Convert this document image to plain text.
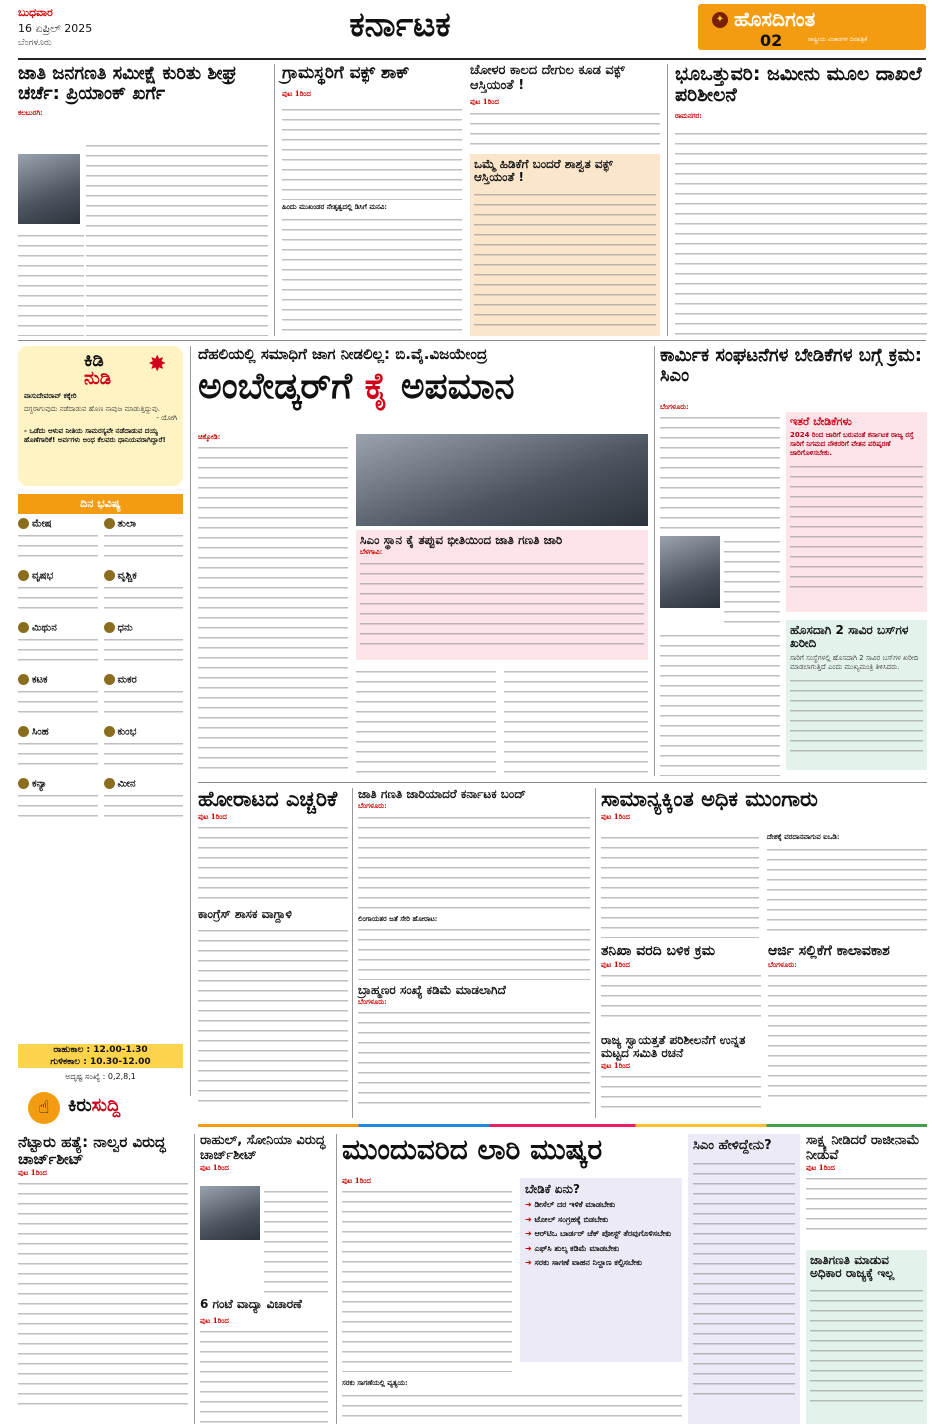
ಬುಧವಾರ
16 ಏಪ್ರಿಲ್ 2025
ಬೆಂಗಳೂರು	ಕರ್ನಾಟಕ	✦ ಹೊಸದಿಗಂತ
ರಾಷ್ಟ್ರೀಯ ವಿಚಾರಗಳ ದಿನಪತ್ರಿಕೆ
02
ಜಾತಿ ಜನಗಣತಿ ಸಮೀಕ್ಷೆ ಕುರಿತು ಶೀಘ್ರ ಚರ್ಚೆ: ಪ್ರಿಯಾಂಕ್ ಖರ್ಗೆ
ಕಲಬುರಗಿ:
ಗ್ರಾಮಸ್ಥರಿಗೆ ವಕ್ಫ್ ಶಾಕ್
ಪುಟ 1ರಿಂದ
ಹಿಂದು ಮುಖಂಡರ ನೇತೃತ್ವದಲ್ಲಿ ಡಿಸಿಗೆ ಮನವಿ:
ಚೋಳರ ಕಾಲದ ದೇಗುಲ ಕೂಡ ವಕ್ಫ್ ಆಸ್ತಿಯಂತೆ !
ಪುಟ 1ರಿಂದ
ಒಮ್ಮೆ ಹಿಡಿಕೆಗೆ ಬಂದರೆ ಶಾಶ್ವತ ವಕ್ಫ್ ಆಸ್ತಿಯಂತೆ !
ಭೂಒತ್ತುವರಿ: ಜಮೀನು ಮೂಲ ದಾಖಲೆ ಪರಿಶೀಲನೆ
ರಾಮನಗರ:
ಕಿಡಿ
ನುಡಿ
✸
ವಾಸುದೇವರಾವ್ ಕಕ್ಕೇರಿ
ದಗ್ಧರಾಗುವುದು ನಡೆದಾಡುವ ಹೊಣ ನಾವುಜ ಮಾಡುತ್ತಿದ್ದುವು.
- ಯೋಗಿ
- ಒಡೆದು ಆಳುವ ನೀತಿಯ ಸಾಮರಸ್ಯವೇ ನಡೆದಾಡುವ ದಯ್ಯ ಹೊಣೆಗಾರಿಕೆ! ಅರ್ವಗಳು ಅಂಧ ಕೆಲವರು ಧಾನಿಯವರಾಗಿದ್ದಾರೆ!
ದಿನ ಭವಿಷ್ಯ
ಮೇಷ	ತುಲಾ
ವೃಷಭ	ವೃಶ್ಚಿಕ
ಮಿಥುನ	ಧನು
ಕಟಕ	ಮಕರ
ಸಿಂಹ	ಕುಂಭ
ಕನ್ಯಾ	ಮೀನ
ರಾಹುಕಾಲ : 12.00-1.30
ಗುಳಿಕಕಾಲ : 10.30-12.00
ಅದೃಷ್ಟ ಸಂಖ್ಯೆ : 0,2,8,1
☝	ಕಿರುಸುದ್ದಿ
ದೆಹಲಿಯಲ್ಲಿ ಸಮಾಧಿಗೆ ಜಾಗ ನೀಡಲಿಲ್ಲ: ಬಿ.ವೈ.ವಿಜಯೇಂದ್ರ
ಅಂಬೇಡ್ಕರ್‌ಗೆ ಕೈ ಅಪಮಾನ
ಚಿಕ್ಕೋಡಿ:
ಸಿಎಂ ಸ್ಥಾನ ಕೈ ತಪ್ಪುವ ಭೀತಿಯಿಂದ ಜಾತಿ ಗಣತಿ ಜಾರಿ
ಬೆಳಗಾವಿ:
ಕಾರ್ಮಿಕ ಸಂಘಟನೆಗಳ ಬೇಡಿಕೆಗಳ ಬಗ್ಗೆ ಕ್ರಮ: ಸಿಎಂ
ಬೆಂಗಳೂರು:
ಇತರೆ ಬೇಡಿಕೆಗಳು
2024 ರಿಂದ ಜಾರಿಗೆ ಬರುವಂತೆ ಕರ್ನಾಟಕ ರಾಜ್ಯ ರಸ್ತೆ ಸಾರಿಗೆ ನಿಗಮದ ನೌಕರರಿಗೆ ವೇತನ ಪರಿಷ್ಕರಣೆ ಜಾರಿಗೊಳಿಸಬೇಕು.
ಹೊಸದಾಗಿ 2 ಸಾವಿರ ಬಸ್‌ಗಳ ಖರೀದಿ
ಸಾರಿಗೆ ಸಂಸ್ಥೆಗಳಲ್ಲಿ ಹೊಸದಾಗಿ 2 ಸಾವಿರ ಬಸ್‌ಗಳ ಖರೀದಿ ಮಾಡಲಾಗುತ್ತಿದೆ ಎಂದು ಮುಖ್ಯಮಂತ್ರಿ ತಿಳಿಸಿದರು.
ಹೋರಾಟದ ಎಚ್ಚರಿಕೆ
ಪುಟ 1ರಿಂದ
ಕಾಂಗ್ರೆಸ್ ಶಾಸಕ ವಾಗ್ದಾಳಿ
ಜಾತಿ ಗಣತಿ ಜಾರಿಯಾದರೆ ಕರ್ನಾಟಕ ಬಂದ್
ಬೆಂಗಳೂರು:
ಲಿಂಗಾಯತರ ಜತೆ ಸೇರಿ ಹೋರಾಟ:
ಬ್ರಾಹ್ಮಣರ ಸಂಖ್ಯೆ ಕಡಿಮೆ ಮಾಡಲಾಗಿದೆ
ಬೆಂಗಳೂರು:
ಸಾಮಾನ್ಯಕ್ಕಿಂತ ಅಧಿಕ ಮುಂಗಾರು
ಪುಟ 1ರಿಂದ
ದೇಶಕ್ಕೆ ವರದಾನವಾಗುವ ಐಒಡಿ:
ತನಿಖಾ ವರದಿ ಬಳಿಕ ಕ್ರಮ
ಪುಟ 1ರಿಂದ
ಆರ್ಜಿ ಸಲ್ಲಿಕೆಗೆ ಕಾಲಾವಕಾಶ
ಬೆಂಗಳೂರು:
ರಾಜ್ಯ ಸ್ವಾಯತ್ತತೆ ಪರಿಶೀಲನೆಗೆ ಉನ್ನತ ಮಟ್ಟದ ಸಮಿತಿ ರಚನೆ
ಪುಟ 1ರಿಂದ
ನೆಟ್ಟಾರು ಹತ್ಯೆ: ನಾಲ್ವರ ವಿರುದ್ಧ ಚಾರ್ಜ್‌ಶೀಟ್
ಪುಟ 1ರಿಂದ
ರಾಹುಲ್, ಸೋನಿಯಾ ವಿರುದ್ಧ ಚಾರ್ಜ್‌ಶೀಟ್
ಪುಟ 1ರಿಂದ
6 ಗಂಟೆ ವಾದ್ಯಾ ವಿಚಾರಣೆ
ಪುಟ 1ರಿಂದ
ಮುಂದುವರಿದ ಲಾರಿ ಮುಷ್ಕರ
ಪುಟ 1ರಿಂದ
ಬೇಡಿಕೆ ಏನು?
➜ ಡೀಸೆಲ್ ದರ ಇಳಿಕೆ ಮಾಡಬೇಕು
➜ ಟೋಲ್ ಸಂಗ್ರಹಕ್ಕೆ ಬಿಡಬೇಕು
➜ ಆರ್‌ಟಿಒ ಬಾರ್ಡರ್ ಚೆಕ್ ಪೋಸ್ಟ್ ತೆರವುಗೊಳಿಸಬೇಕು
➜ ಎಫ್‌ಸಿ ಶುಲ್ಕ ಕಡಿಮೆ ಮಾಡಬೇಕು
➜ ಸರಕು ಸಾಗಣೆ ವಾಹನ ನಿಲ್ದಾಣ ಕಲ್ಪಿಸಬೇಕು
ಸರಕು ಸಾಗಣೆಯಲ್ಲಿ ವ್ಯತ್ಯಯ:
ಸಿಎಂ ಹೇಳಿದ್ದೇನು?	ಸಾಕ್ಷ್ಯ ನೀಡಿದರೆ ರಾಜೀನಾಮೆ ನೀಡುವೆ
ಪುಟ 1ರಿಂದ
ಜಾತಿಗಣತಿ ಮಾಡುವ ಅಧಿಕಾರ ರಾಜ್ಯಕ್ಕೆ ಇಲ್ಲ
